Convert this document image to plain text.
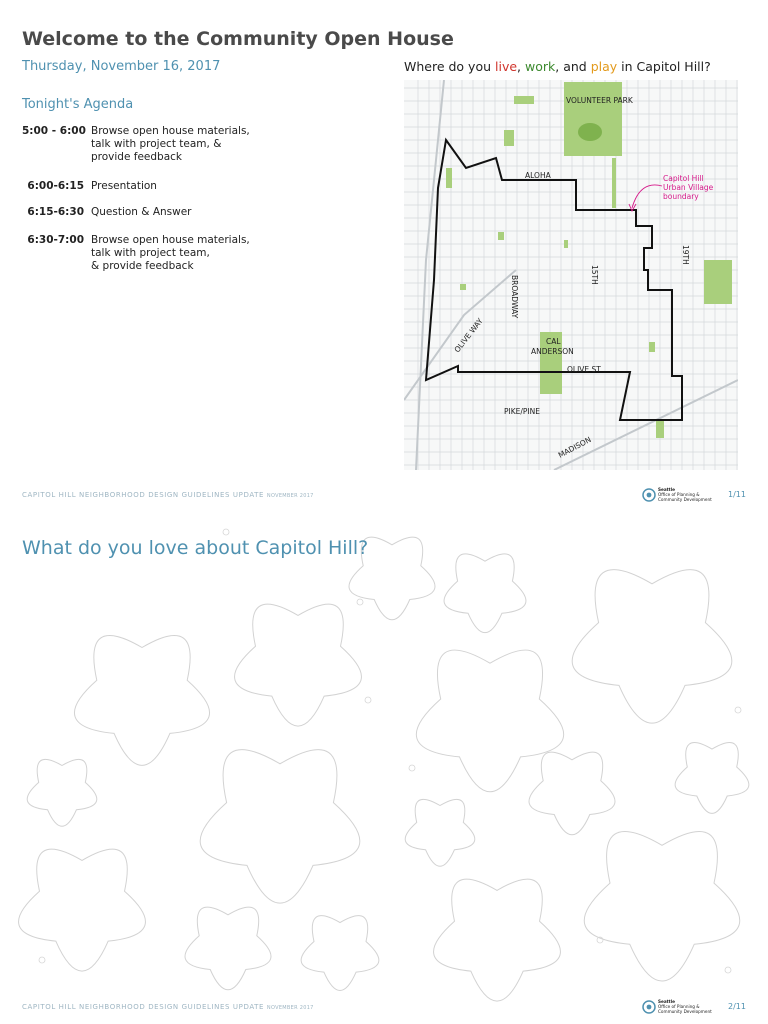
Welcome to the Community Open House
Thursday, November 16, 2017
Tonight's Agenda
5:00 - 6:00 Browse open house materials,
talk with project team, &
provide feedback
6:00-6:15 Presentation
6:15-6:30 Question & Answer
6:30-7:00 Browse open house materials,
talk with project team,
& provide feedback
Where do you live, work, and play in Capitol Hill?
Capitol Hill
Urban Village
boundary
VOLUNTEER PARK
ALOHA
BROADWAY
15TH
19TH
OLIVE WAY	CAL
ANDERSON
OLIVE ST
PIKE/PINE
MADISON
CAPITOL HILL NEIGHBORHOOD DESIGN GUIDELINES UPDATE NOVEMBER 2017
Seattle
Office of Planning &
Community Development
1/11
What do you love about Capitol Hill?
CAPITOL HILL NEIGHBORHOOD DESIGN GUIDELINES UPDATE NOVEMBER 2017
Seattle
Office of Planning &
Community Development
2/11
